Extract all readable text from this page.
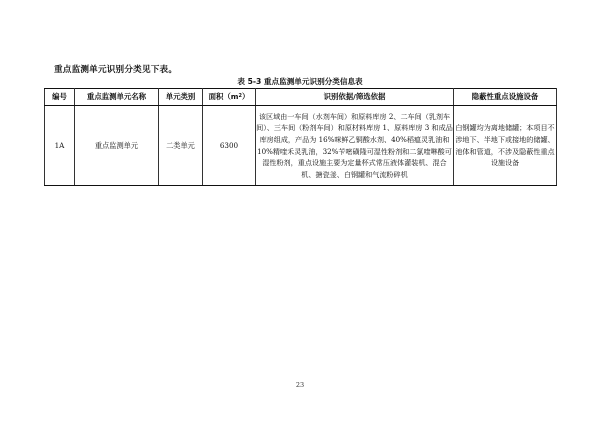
重点监测单元识别分类见下表。
表 5-3 重点监测单元识别分类信息表
编号	重点监测单元名称	单元类别	面积$(m^2)$	识别依据/筛选依据	隐蔽性重点设施设备
1A	重点监测单元	二类单元	6300	该区域由一车间（水剂车间）和原料库房 2、二车间（乳剂车间）、三车间（粉剂车间）和原材料库房 1、原料库房 3 和成品库房组成，产品为 16%咪鲜乙铜酸水剂、40%稻瘟灵乳油和 10%精喹禾灵乳油，32%苄嘧磺隆可湿性粉剂和二氯喹啉酸可湿性粉剂，重点设施主要为定量杯式常压液体灌装机、混合机、搪瓷釜、白钢罐和气流粉碎机	白钢罐均为离地储罐；本项目不涉地下、半地下或接地的储罐、池体和管道，不涉及隐蔽性重点设施设备
23
